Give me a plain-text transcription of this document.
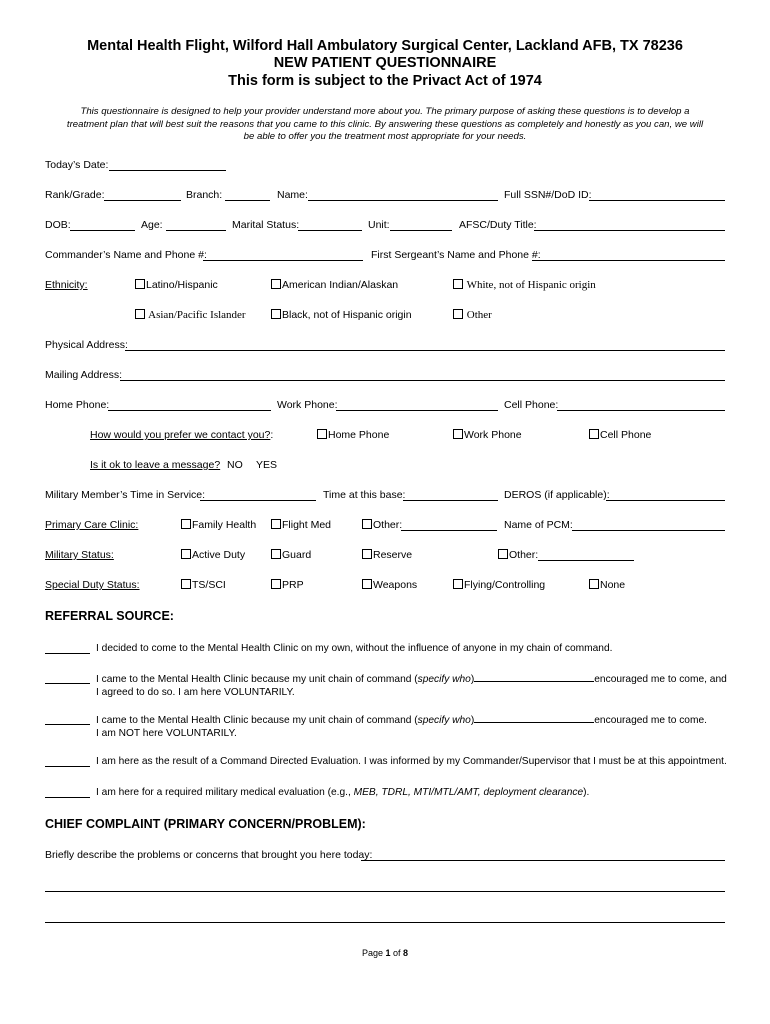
Mental Health Flight, Wilford Hall Ambulatory Surgical Center, Lackland AFB, TX 78236
NEW PATIENT QUESTIONNAIRE
This form is subject to the Privact Act of 1974
This questionnaire is designed to help your provider understand more about you. The primary purpose of asking these questions is to develop a
treatment plan that will best suit the reasons that you came to this clinic. By answering these questions as completely and honestly as you can, we will
be able to offer you the treatment most appropriate for your needs.
Today’s Date:
Rank/Grade:	Branch:	Name:	Full SSN#/DoD ID:
DOB:	Age:	Marital Status:	Unit:	AFSC/Duty Title:
Commander’s Name and Phone #:	First Sergeant’s Name and Phone #:
Ethnicity:	Latino/Hispanic	American Indian/Alaskan	White, not of Hispanic origin
Asian/Pacific Islander	Black, not of Hispanic origin	Other
Physical Address:
Mailing Address:
Home Phone:	Work Phone:	Cell Phone:
How would you prefer we contact you?:	Home Phone	Work Phone	Cell Phone
Is it ok to leave a message? NO YES
Military Member’s Time in Service:	Time at this base:	DEROS (if applicable):
Primary Care Clinic:	Family Health	Flight Med	Other:	Name of PCM:
Military Status:	Active Duty	Guard	Reserve	Other:
Special Duty Status:	TS/SCI	PRP	Weapons	Flying/Controlling	None
REFERRAL SOURCE:
I decided to come to the Mental Health Clinic on my own, without the influence of anyone in my chain of command.
I came to the Mental Health Clinic because my unit chain of command (specify who)	encouraged me to come, and
I agreed to do so. I am here VOLUNTARILY.
I came to the Mental Health Clinic because my unit chain of command (specify who)	encouraged me to come.
I am NOT here VOLUNTARILY.
I am here as the result of a Command Directed Evaluation. I was informed by my Commander/Supervisor that I must be at this appointment.
I am here for a required military medical evaluation (e.g., MEB, TDRL, MTI/MTL/AMT, deployment clearance).
CHIEF COMPLAINT (PRIMARY CONCERN/PROBLEM):
Briefly describe the problems or concerns that brought you here today:
Page 1 of 8
